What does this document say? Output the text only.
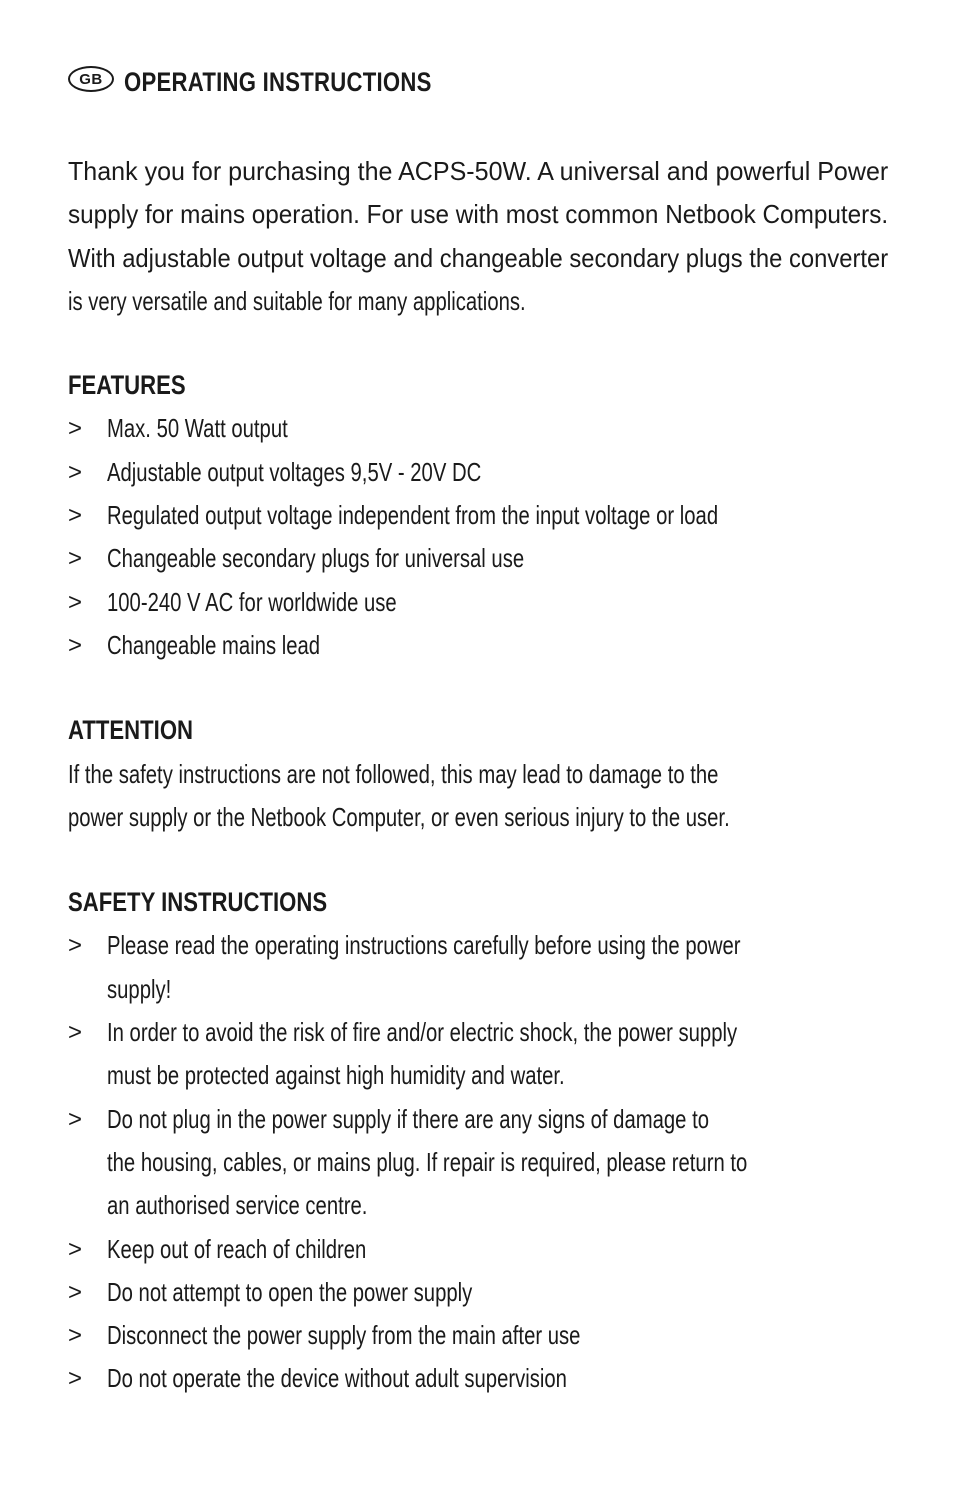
GB OPERATING INSTRUCTIONS
Thank you for purchasing the ACPS-50W. A universal and powerful Power
supply for mains operation. For use with most common Netbook Computers.
With adjustable output voltage and changeable secondary plugs the converter
is very versatile and suitable for many applications.
FEATURES
> Max. 50 Watt output
> Adjustable output voltages 9,5V - 20V DC
> Regulated output voltage independent from the input voltage or load
> Changeable secondary plugs for universal use
> 100-240 V AC for worldwide use
> Changeable mains lead
ATTENTION
If the safety instructions are not followed, this may lead to damage to the
power supply or the Netbook Computer, or even serious injury to the user.
SAFETY INSTRUCTIONS
> Please read the operating instructions carefully before using the power
supply!
> In order to avoid the risk of fire and/or electric shock, the power supply
must be protected against high humidity and water.
> Do not plug in the power supply if there are any signs of damage to
the housing, cables, or mains plug. If repair is required, please return to
an authorised service centre.
> Keep out of reach of children
> Do not attempt to open the power supply
> Disconnect the power supply from the main after use
> Do not operate the device without adult supervision
